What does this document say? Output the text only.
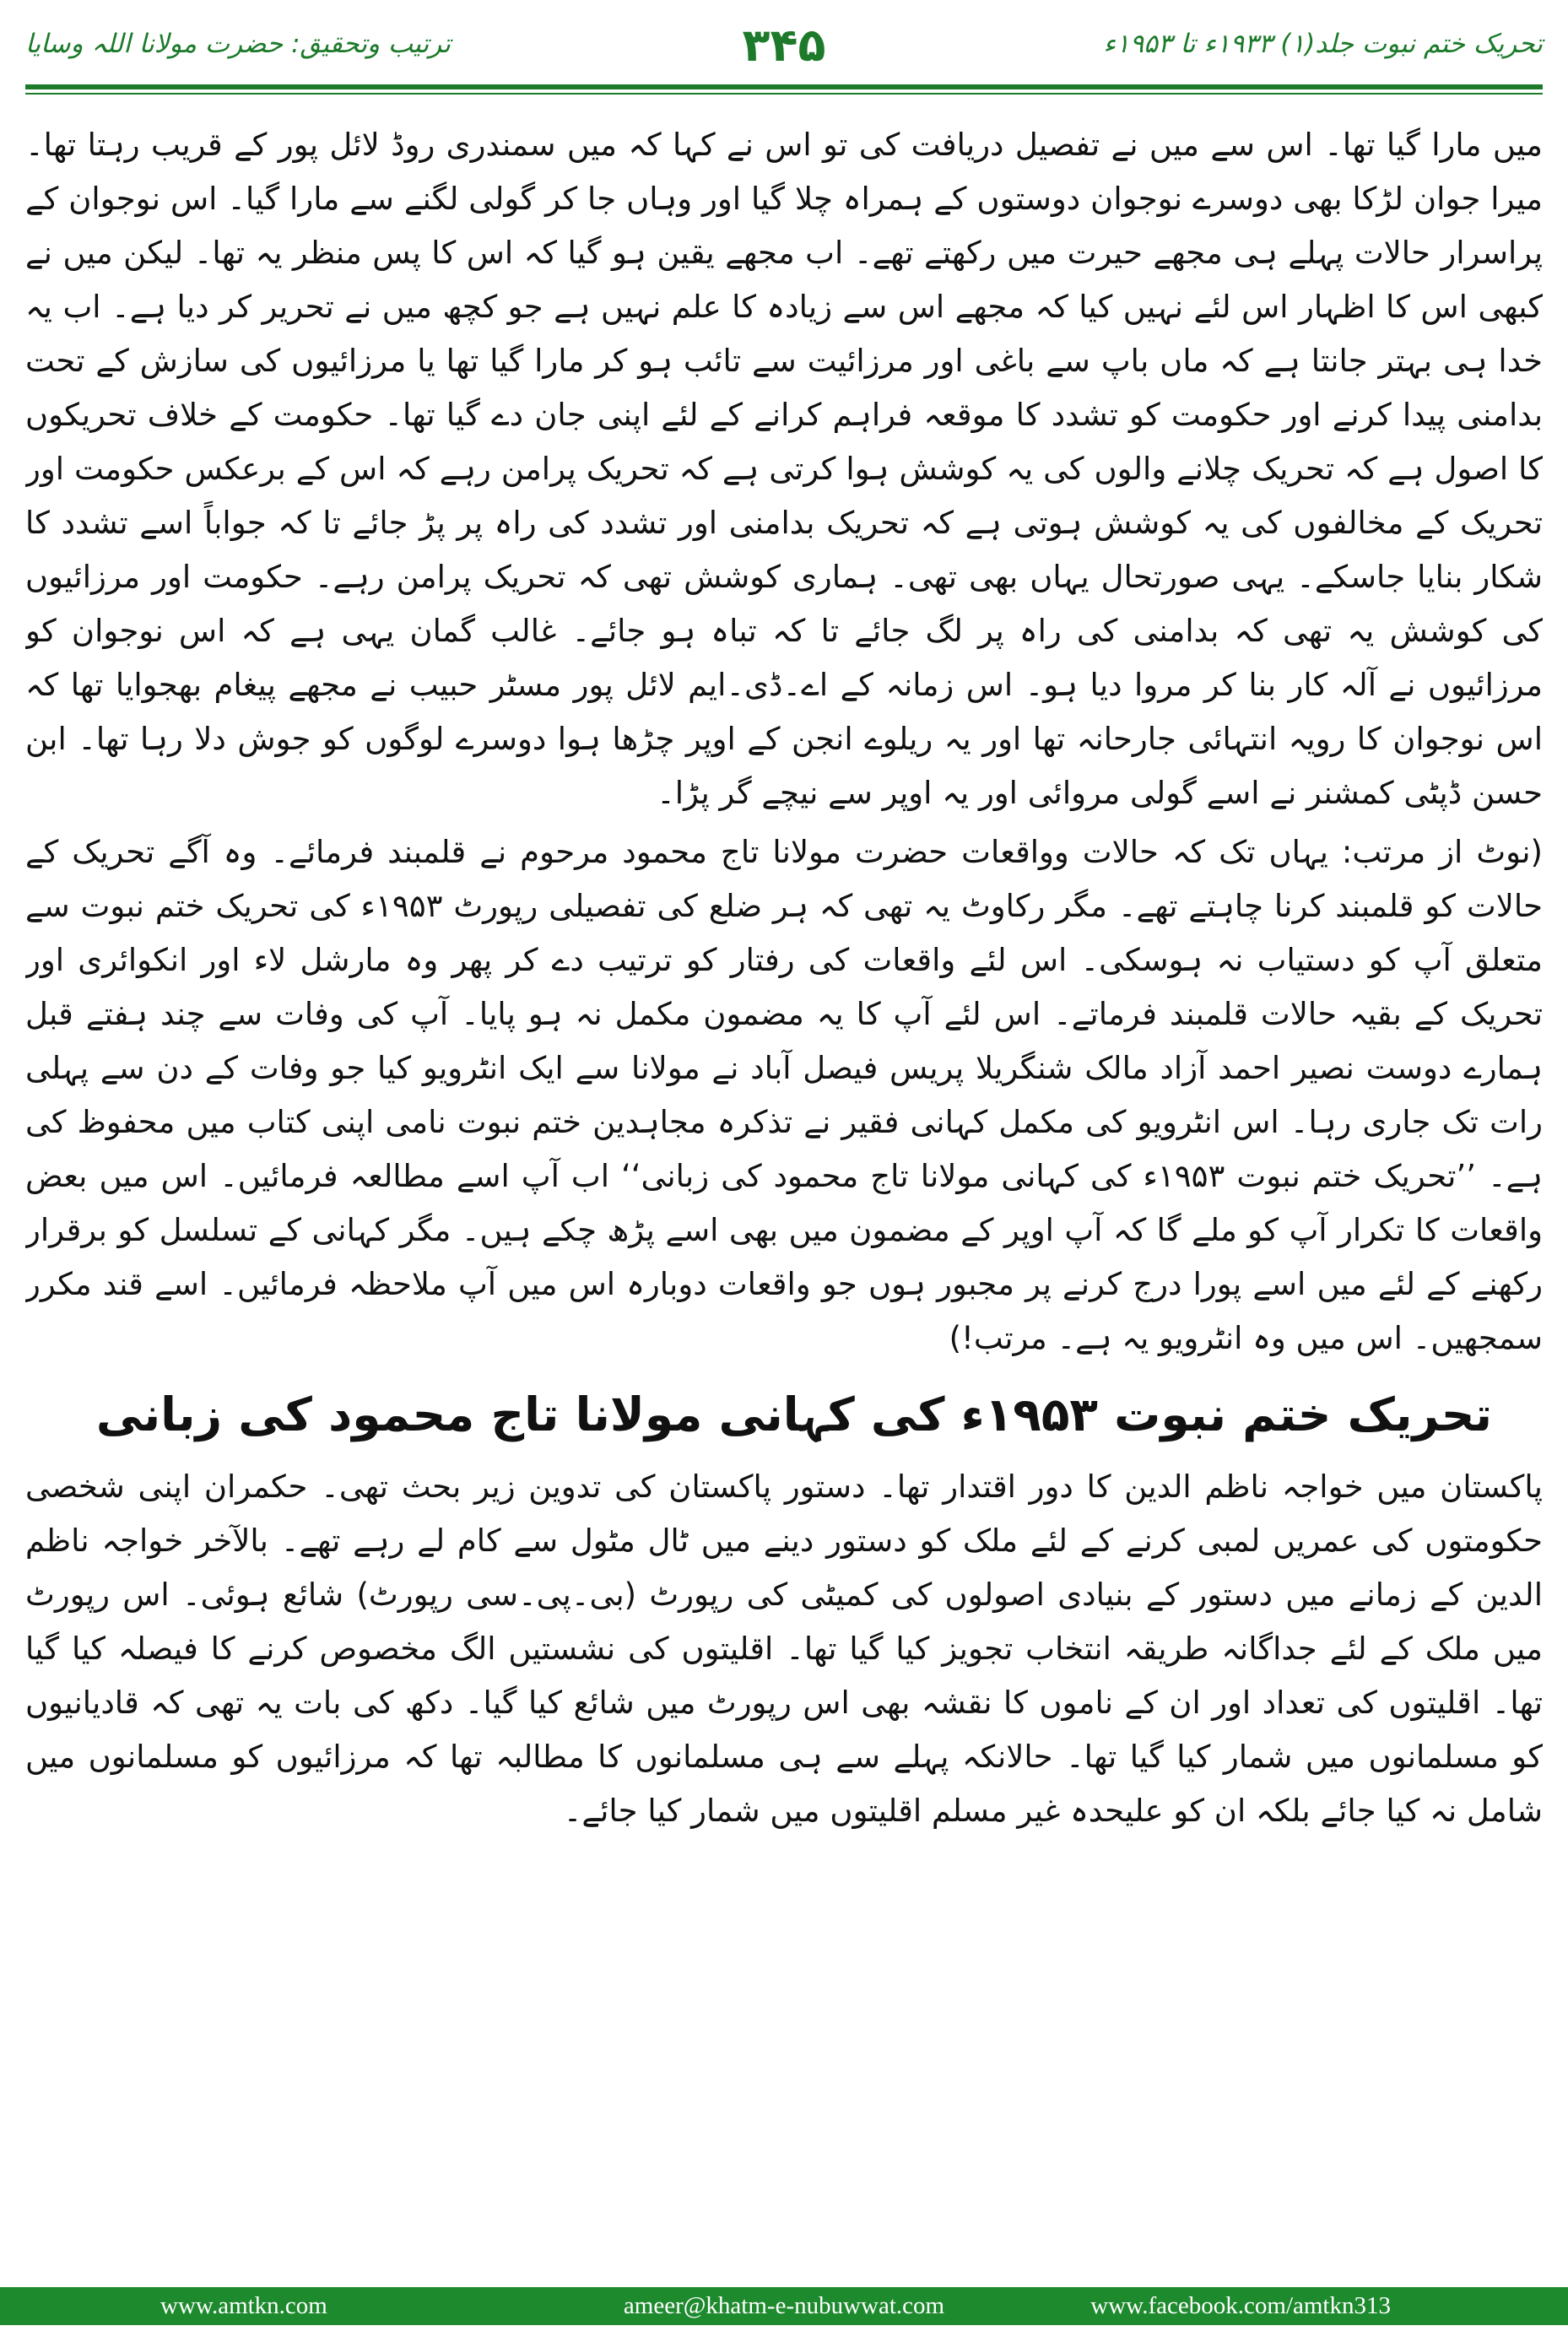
تحریک ختم نبوت جلد(۱) ۱۹۳۳ء تا ۱۹۵۳ء
۳۴۵
ترتیب وتحقیق: حضرت مولانا اللہ وسایا

میں مارا گیا تھا۔ اس سے میں نے تفصیل دریافت کی تو اس نے کہا کہ میں سمندری روڈ لائل پور کے قریب رہتا تھا۔ میرا جوان لڑکا بھی دوسرے نوجوان دوستوں کے ہمراہ چلا گیا اور وہاں جا کر گولی لگنے سے مارا گیا۔ اس نوجوان کے پراسرار حالات پہلے ہی مجھے حیرت میں رکھتے تھے۔ اب مجھے یقین ہو گیا کہ اس کا پس منظر یہ تھا۔ لیکن میں نے کبھی اس کا اظہار اس لئے نہیں کیا کہ مجھے اس سے زیادہ کا علم نہیں ہے جو کچھ میں نے تحریر کر دیا ہے۔ اب یہ خدا ہی بہتر جانتا ہے کہ ماں باپ سے باغی اور مرزائیت سے تائب ہو کر مارا گیا تھا یا مرزائیوں کی سازش کے تحت بدامنی پیدا کرنے اور حکومت کو تشدد کا موقعہ فراہم کرانے کے لئے اپنی جان دے گیا تھا۔ حکومت کے خلاف تحریکوں کا اصول ہے کہ تحریک چلانے والوں کی یہ کوشش ہوا کرتی ہے کہ تحریک پرامن رہے کہ اس کے برعکس حکومت اور تحریک کے مخالفوں کی یہ کوشش ہوتی ہے کہ تحریک بدامنی اور تشدد کی راہ پر پڑ جائے تا کہ جواباً اسے تشدد کا شکار بنایا جاسکے۔ یہی صورتحال یہاں بھی تھی۔ ہماری کوشش تھی کہ تحریک پرامن رہے۔ حکومت اور مرزائیوں کی کوشش یہ تھی کہ بدامنی کی راہ پر لگ جائے تا کہ تباہ ہو جائے۔ غالب گمان یہی ہے کہ اس نوجوان کو مرزائیوں نے آلہ کار بنا کر مروا دیا ہو۔ اس زمانہ کے اے۔ڈی۔ایم لائل پور مسٹر حبیب نے مجھے پیغام بھجوایا تھا کہ اس نوجوان کا رویہ انتہائی جارحانہ تھا اور یہ ریلوے انجن کے اوپر چڑھا ہوا دوسرے لوگوں کو جوش دلا رہا تھا۔ ابن حسن ڈپٹی کمشنر نے اسے گولی مروائی اور یہ اوپر سے نیچے گر پڑا۔

(نوٹ از مرتب: یہاں تک کہ حالات وواقعات حضرت مولانا تاج محمود مرحوم نے قلمبند فرمائے۔ وہ آگے تحریک کے حالات کو قلمبند کرنا چاہتے تھے۔ مگر رکاوٹ یہ تھی کہ ہر ضلع کی تفصیلی رپورٹ ۱۹۵۳ء کی تحریک ختم نبوت سے متعلق آپ کو دستیاب نہ ہوسکی۔ اس لئے واقعات کی رفتار کو ترتیب دے کر پھر وہ مارشل لاء اور انکوائری اور تحریک کے بقیہ حالات قلمبند فرماتے۔ اس لئے آپ کا یہ مضمون مکمل نہ ہو پایا۔ آپ کی وفات سے چند ہفتے قبل ہمارے دوست نصیر احمد آزاد مالک شنگریلا پریس فیصل آباد نے مولانا سے ایک انٹرویو کیا جو وفات کے دن سے پہلی رات تک جاری رہا۔ اس انٹرویو کی مکمل کہانی فقیر نے تذکرہ مجاہدین ختم نبوت نامی اپنی کتاب میں محفوظ کی ہے۔ ’’تحریک ختم نبوت ۱۹۵۳ء کی کہانی مولانا تاج محمود کی زبانی‘‘ اب آپ اسے مطالعہ فرمائیں۔ اس میں بعض واقعات کا تکرار آپ کو ملے گا کہ آپ اوپر کے مضمون میں بھی اسے پڑھ چکے ہیں۔ مگر کہانی کے تسلسل کو برقرار رکھنے کے لئے میں اسے پورا درج کرنے پر مجبور ہوں جو واقعات دوبارہ اس میں آپ ملاحظہ فرمائیں۔ اسے قند مکرر سمجھیں۔ اس میں وہ انٹرویو یہ ہے۔ مرتب!)

تحریک ختم نبوت ۱۹۵۳ء کی کہانی مولانا تاج محمود کی زبانی

پاکستان میں خواجہ ناظم الدین کا دور اقتدار تھا۔ دستور پاکستان کی تدوین زیر بحث تھی۔ حکمران اپنی شخصی حکومتوں کی عمریں لمبی کرنے کے لئے ملک کو دستور دینے میں ٹال مٹول سے کام لے رہے تھے۔ بالآخر خواجہ ناظم الدین کے زمانے میں دستور کے بنیادی اصولوں کی کمیٹی کی رپورٹ (بی۔پی۔سی رپورٹ) شائع ہوئی۔ اس رپورٹ میں ملک کے لئے جداگانہ طریقہ انتخاب تجویز کیا گیا تھا۔ اقلیتوں کی نشستیں الگ مخصوص کرنے کا فیصلہ کیا گیا تھا۔ اقلیتوں کی تعداد اور ان کے ناموں کا نقشہ بھی اس رپورٹ میں شائع کیا گیا۔ دکھ کی بات یہ تھی کہ قادیانیوں کو مسلمانوں میں شمار کیا گیا تھا۔ حالانکہ پہلے سے ہی مسلمانوں کا مطالبہ تھا کہ مرزائیوں کو مسلمانوں میں شامل نہ کیا جائے بلکہ ان کو علیحدہ غیر مسلم اقلیتوں میں شمار کیا جائے۔

www.amtkn.com	ameer@khatm-e-nubuwwat.com	www.facebook.com/amtkn313
